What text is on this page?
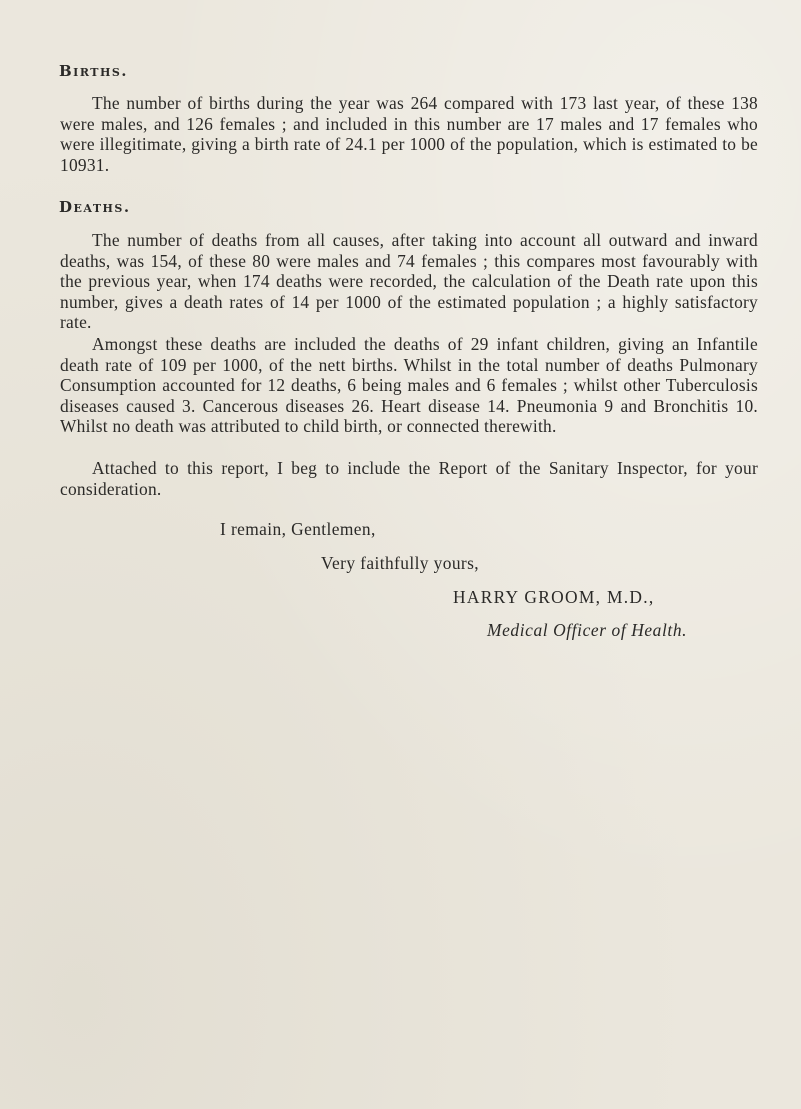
Births.

The number of births during the year was 264 compared with 173 last year, of these 138 were males, and 126 females ; and included in this number are 17 males and 17 females who were illegitimate, giving a birth rate of 24.1 per 1000 of the population, which is estimated to be 10931.

Deaths.

The number of deaths from all causes, after taking into account all outward and inward deaths, was 154, of these 80 were males and 74 females ; this compares most favourably with the previous year, when 174 deaths were recorded, the calculation of the Death rate upon this number, gives a death rates of 14 per 1000 of the estimated population ; a highly satisfactory rate.

Amongst these deaths are included the deaths of 29 infant children, giving an Infantile death rate of 109 per 1000, of the nett births. Whilst in the total number of deaths Pulmonary Consumption accounted for 12 deaths, 6 being males and 6 females ; whilst other Tuberculosis diseases caused 3. Cancerous diseases 26. Heart disease 14. Pneumonia 9 and Bronchitis 10. Whilst no death was attributed to child birth, or connected therewith.

Attached to this report, I beg to include the Report of the Sanitary Inspector, for your consideration.

I remain, Gentlemen,

Very faithfully yours,

HARRY GROOM, M.D.,

Medical Officer of Health.
